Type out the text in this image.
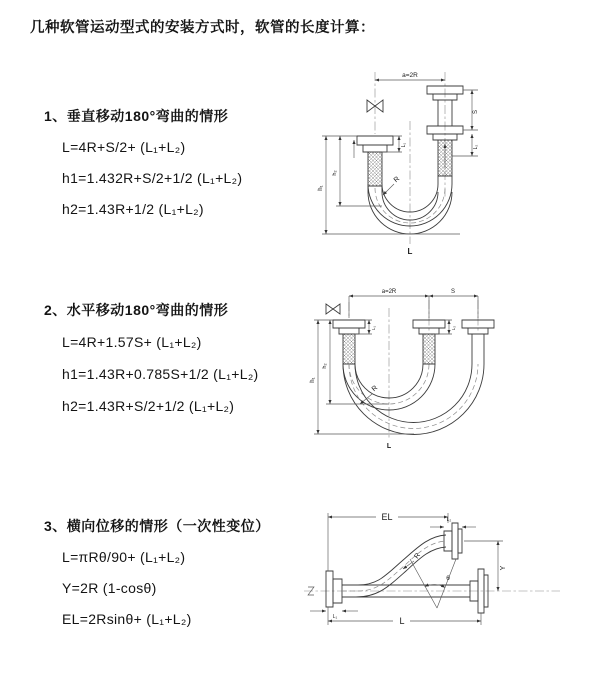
几种软管运动型式的安装方式时，软管的长度计算：
1、垂直移动180°弯曲的情形
L=4R+S/2+ (L₁+L₂)
h1=1.432R+S/2+1/2 (L₁+L₂)
h2=1.43R+1/2 (L₁+L₂)
a=2R
S
L₂
h₁
h₂
L₁
R
L
2、水平移动180°弯曲的情形
L=4R+1.57S+ (L₁+L₂)
h1=1.43R+0.785S+1/2 (L₁+L₂)
h2=1.43R+S/2+1/2 (L₁+L₂)
a=2R	S
h₁
h₂
L₁	L₂
R
L
3、横向位移的情形（一次性变位）
L=πRθ/90+ (L₁+L₂)
Y=2R (1-cosθ)
EL=2Rsinθ+ (L₁+L₂)
EL	L₂
Y
θ
R
L₁	L
